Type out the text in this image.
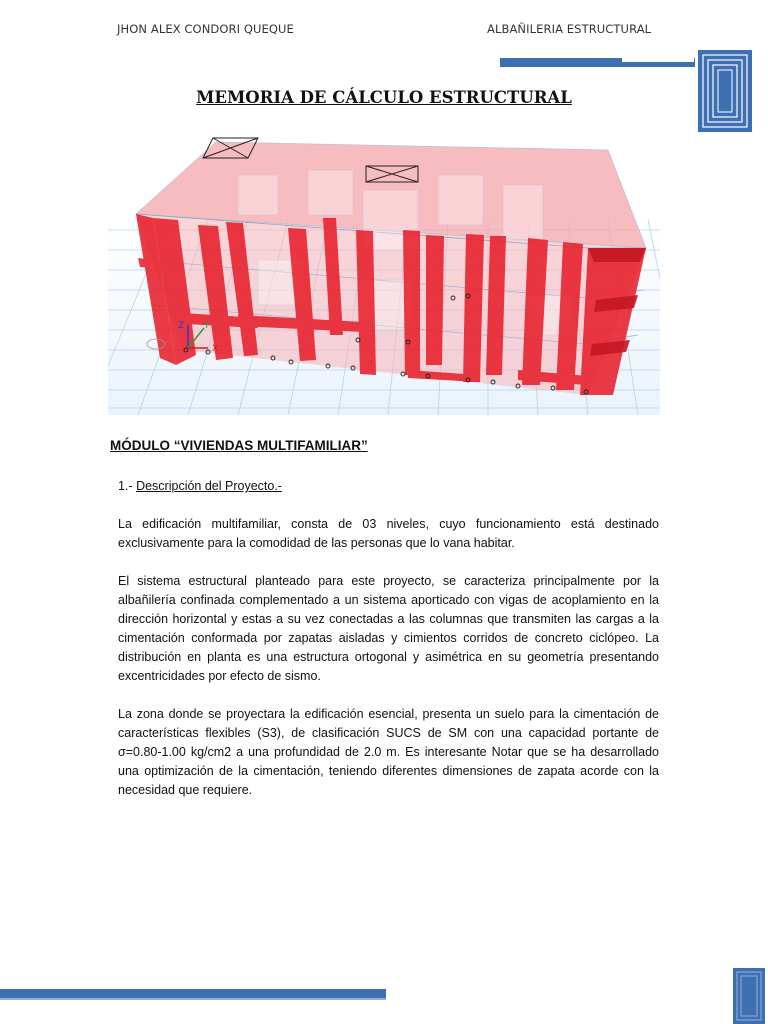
JHON ALEX CONDORI QUEQUE	ALBAÑILERIA ESTRUCTURAL
MEMORIA DE CÁLCULO ESTRUCTURAL
Z Y
X
MÓDULO “VIVIENDAS MULTIFAMILIAR”
1.- Descripción del Proyecto.-

La edificación multifamiliar, consta de 03 niveles, cuyo funcionamiento está destinado exclusivamente para la comodidad de las personas que lo vana habitar.

El sistema estructural planteado para este proyecto, se caracteriza principalmente por la albañilería confinada complementado a un sistema aporticado con vigas de acoplamiento en la dirección horizontal y estas a su vez conectadas a las columnas que transmiten las cargas a la cimentación conformada por zapatas aisladas y cimientos corridos de concreto ciclópeo. La distribución en planta es una estructura ortogonal y asimétrica en su geometría presentando excentricidades por efecto de sismo.

La zona donde se proyectara la edificación esencial, presenta un suelo para la cimentación de características flexibles (S3), de clasificación SUCS de SM con una capacidad portante de σ=0.80-1.00 kg/cm2 a una profundidad de 2.0 m. Es interesante Notar que se ha desarrollado una optimización de la cimentación, teniendo diferentes dimensiones de zapata acorde con la necesidad que requiere.
